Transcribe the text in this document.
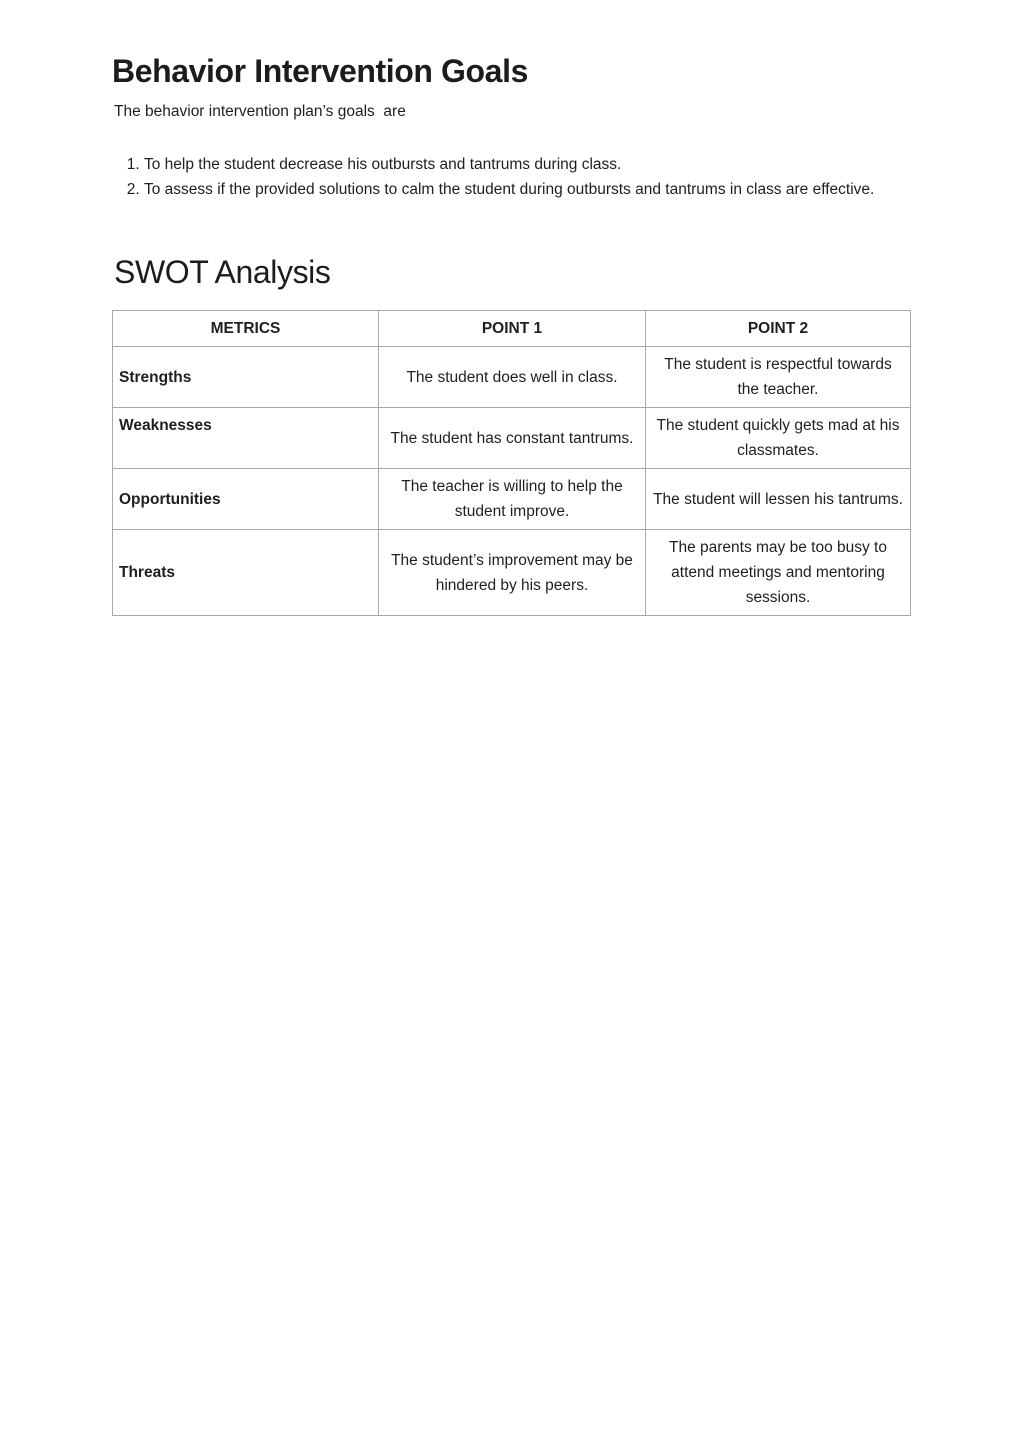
Behavior Intervention Goals

The behavior intervention plan’s goals  are

1. To help the student decrease his outbursts and tantrums during class.
2. To assess if the provided solutions to calm the student during outbursts and tantrums in class are effective.
SWOT Analysis
METRICS	POINT 1	POINT 2
Strengths	The student does well in class.	The student is respectful towards the teacher.
Weaknesses	The student has constant tantrums.	The student quickly gets mad at his classmates.
Opportunities	The teacher is willing to help the student improve.	The student will lessen his tantrums.
Threats	The student’s improvement may be hindered by his peers.	The parents may be too busy to attend meetings and mentoring sessions.
